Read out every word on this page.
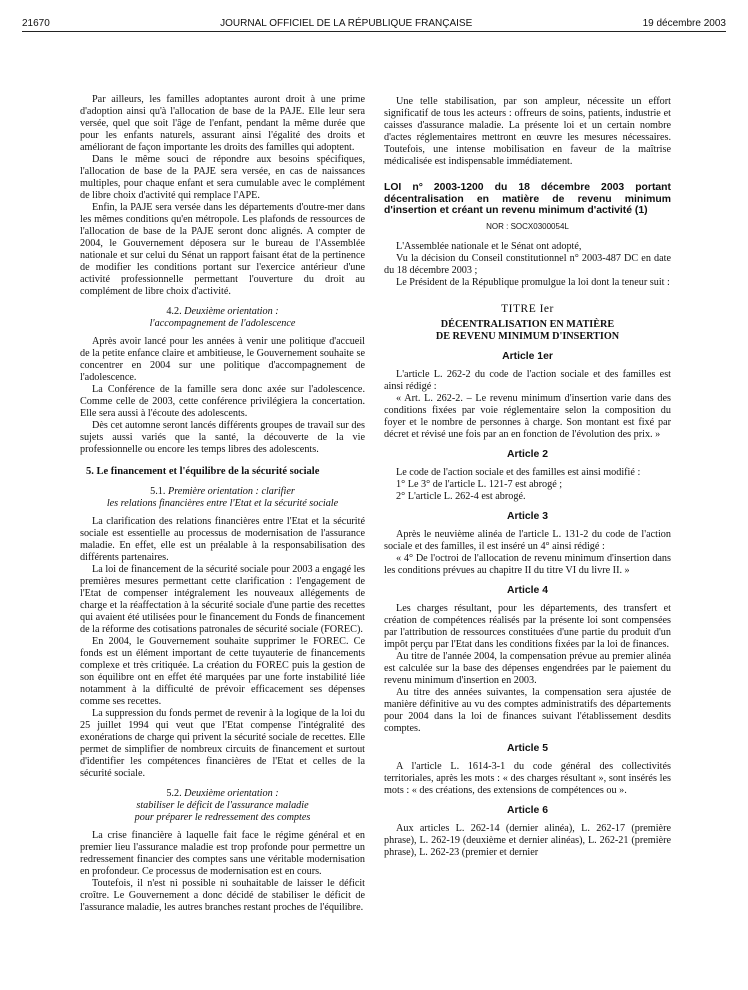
21670	JOURNAL OFFICIEL DE LA RÉPUBLIQUE FRANÇAISE	19 décembre 2003

Par ailleurs, les familles adoptantes auront droit à une prime d'adoption ainsi qu'à l'allocation de base de la PAJE. Elle leur sera versée, quel que soit l'âge de l'enfant, pendant la même durée que pour les enfants naturels, assurant ainsi l'égalité des droits et améliorant de façon importante les droits des familles qui adoptent.

Dans le même souci de répondre aux besoins spécifiques, l'allocation de base de la PAJE sera versée, en cas de naissances multiples, pour chaque enfant et sera cumulable avec le complément de libre choix d'activité qui remplace l'APE.

Enfin, la PAJE sera versée dans les départements d'outre-mer dans les mêmes conditions qu'en métropole. Les plafonds de ressources de l'allocation de base de la PAJE seront donc alignés. A compter de 2004, le Gouvernement déposera sur le bureau de l'Assemblée nationale et sur celui du Sénat un rapport faisant état de la pertinence de modifier les conditions portant sur l'exercice antérieur d'une activité professionnelle permettant l'ouverture du droit au complément de libre choix d'activité.

4.2. Deuxième orientation :
l'accompagnement de l'adolescence

Après avoir lancé pour les années à venir une politique d'accueil de la petite enfance claire et ambitieuse, le Gouvernement souhaite se concentrer en 2004 sur une politique d'accompagnement de l'adolescence.

La Conférence de la famille sera donc axée sur l'adolescence. Comme celle de 2003, cette conférence privilégiera la concertation. Elle sera aussi à l'écoute des adolescents.

Dès cet automne seront lancés différents groupes de travail sur des sujets aussi variés que la santé, la découverte de la vie professionnelle ou encore les temps libres des adolescents.

5. Le financement et l'équilibre de la sécurité sociale
5.1. Première orientation : clarifier
les relations financières entre l'Etat et la sécurité sociale

La clarification des relations financières entre l'Etat et la sécurité sociale est essentielle au processus de modernisation de l'assurance maladie. En effet, elle est un préalable à la responsabilisation des différents partenaires.

La loi de financement de la sécurité sociale pour 2003 a engagé les premières mesures permettant cette clarification : l'engagement de l'Etat de compenser intégralement les nouveaux allégements de charge et la réaffectation à la sécurité sociale d'une partie des recettes qui avaient été utilisées pour le financement du Fonds de financement de la réforme des cotisations patronales de sécurité sociale (FOREC).

En 2004, le Gouvernement souhaite supprimer le FOREC. Ce fonds est un élément important de cette tuyauterie de financements complexe et très critiquée. La création du FOREC puis la gestion de son équilibre ont en effet été marquées par une forte instabilité liée notamment à la difficulté de prévoir efficacement ses dépenses comme ses recettes.

La suppression du fonds permet de revenir à la logique de la loi du 25 juillet 1994 qui veut que l'Etat compense l'intégralité des exonérations de charge qui privent la sécurité sociale de recettes. Elle permet de simplifier de nombreux circuits de financement et surtout d'identifier les compétences financières de l'Etat et celles de la sécurité sociale.

5.2. Deuxième orientation :
stabiliser le déficit de l'assurance maladie
pour préparer le redressement des comptes

La crise financière à laquelle fait face le régime général et en premier lieu l'assurance maladie est trop profonde pour permettre un redressement financier des comptes sans une véritable modernisation en profondeur. Ce processus de modernisation est en cours.

Toutefois, il n'est ni possible ni souhaitable de laisser le déficit croître. Le Gouvernement a donc décidé de stabiliser le déficit de l'assurance maladie, les autres branches restant proches de l'équilibre.

Une telle stabilisation, par son ampleur, nécessite un effort significatif de tous les acteurs : offreurs de soins, patients, industrie et caisses d'assurance maladie. La présente loi et un certain nombre d'actes réglementaires mettront en œuvre les mesures nécessaires. Toutefois, une intense mobilisation en faveur de la maîtrise médicalisée est indispensable immédiatement.

LOI n° 2003-1200 du 18 décembre 2003 portant décentralisation en matière de revenu minimum d'insertion et créant un revenu minimum d'activité (1)

NOR : SOCX0300054L

L'Assemblée nationale et le Sénat ont adopté,

Vu la décision du Conseil constitutionnel n° 2003-487 DC en date du 18 décembre 2003 ;

Le Président de la République promulgue la loi dont la teneur suit :

TITRE Ier

DÉCENTRALISATION EN MATIÈRE
DE REVENU MINIMUM D'INSERTION

Article 1er

L'article L. 262-2 du code de l'action sociale et des familles est ainsi rédigé :

« Art. L. 262-2. – Le revenu minimum d'insertion varie dans des conditions fixées par voie réglementaire selon la composition du foyer et le nombre de personnes à charge. Son montant est fixé par décret et révisé une fois par an en fonction de l'évolution des prix. »

Article 2

Le code de l'action sociale et des familles est ainsi modifié :

1° Le 3° de l'article L. 121-7 est abrogé ;

2° L'article L. 262-4 est abrogé.

Article 3

Après le neuvième alinéa de l'article L. 131-2 du code de l'action sociale et des familles, il est inséré un 4° ainsi rédigé :

« 4° De l'octroi de l'allocation de revenu minimum d'insertion dans les conditions prévues au chapitre II du titre VI du livre II. »

Article 4

Les charges résultant, pour les départements, des transfert et création de compétences réalisés par la présente loi sont compensées par l'attribution de ressources constituées d'une partie du produit d'un impôt perçu par l'Etat dans les conditions fixées par la loi de finances.

Au titre de l'année 2004, la compensation prévue au premier alinéa est calculée sur la base des dépenses engendrées par le paiement du revenu minimum d'insertion en 2003.

Au titre des années suivantes, la compensation sera ajustée de manière définitive au vu des comptes administratifs des départements pour 2004 dans la loi de finances suivant l'établissement desdits comptes.

Article 5

A l'article L. 1614-3-1 du code général des collectivités territoriales, après les mots : « des charges résultant », sont insérés les mots : « des créations, des extensions de compétences ou ».

Article 6

Aux articles L. 262-14 (dernier alinéa), L. 262-17 (première phrase), L. 262-19 (deuxième et dernier alinéas), L. 262-21 (première phrase), L. 262-23 (premier et dernier
